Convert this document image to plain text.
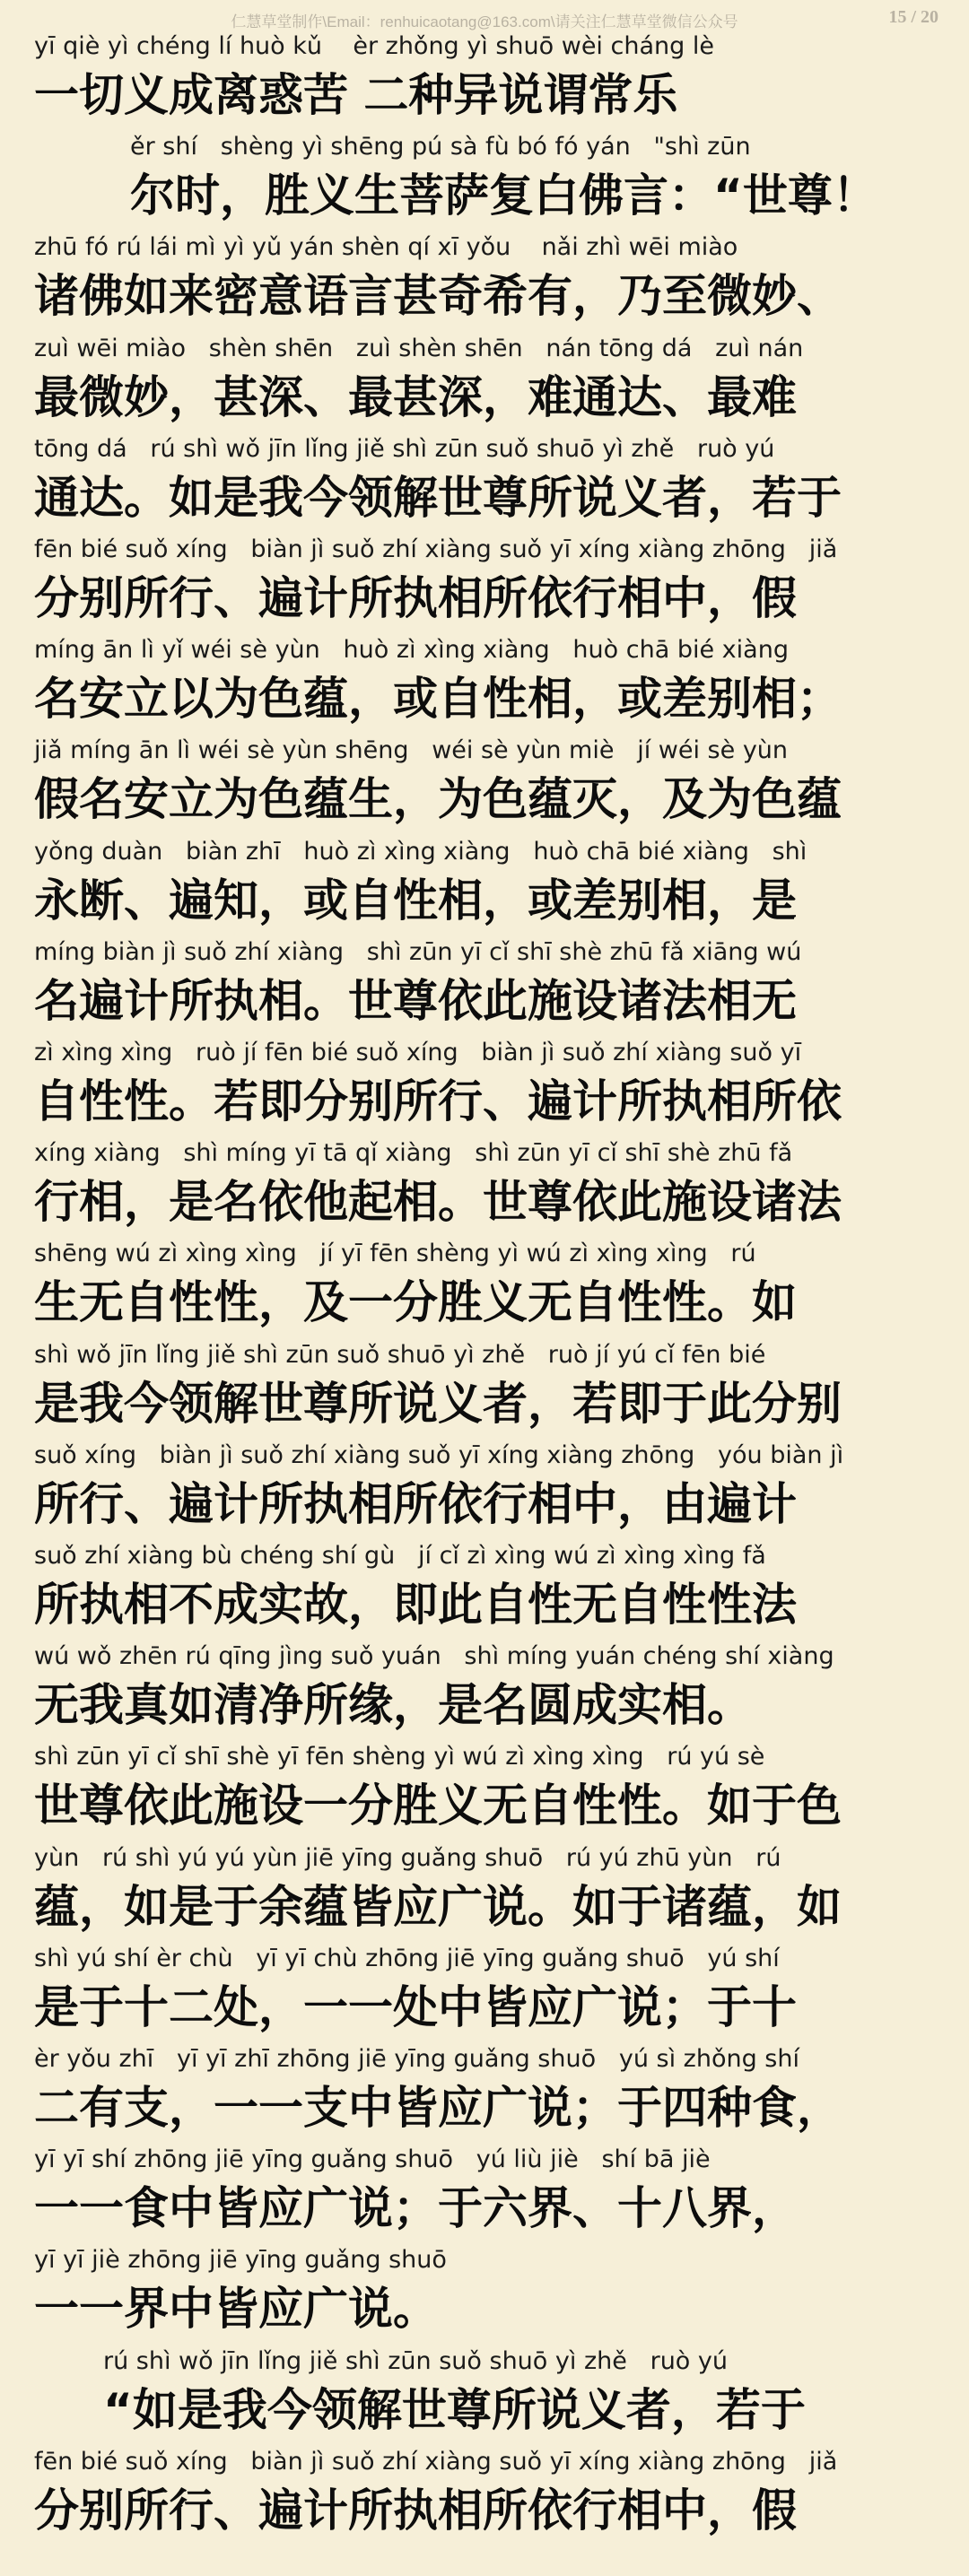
仁慧草堂制作\Email：renhuicaotang@163.com\请关注仁慧草堂微信公众号	15 / 20
yī qiè yì chéng lí huò kǔ    èr zhǒng yì shuō wèi cháng lè
一切义成离惑苦 二种异说谓常乐
ěr shí   shèng yì shēng pú sà fù bó fó yán   "shì zūn
尔时，胜义生菩萨复白佛言：“世尊！
zhū fó rú lái mì yì yǔ yán shèn qí xī yǒu    nǎi zhì wēi miào
诸佛如来密意语言甚奇希有，乃至微妙、
zuì wēi miào   shèn shēn   zuì shèn shēn   nán tōng dá   zuì nán
最微妙，甚深、最甚深，难通达、最难
tōng dá   rú shì wǒ jīn lǐng jiě shì zūn suǒ shuō yì zhě   ruò yú
通达。如是我今领解世尊所说义者，若于
fēn bié suǒ xíng   biàn jì suǒ zhí xiàng suǒ yī xíng xiàng zhōng   jiǎ
分别所行、遍计所执相所依行相中，假
míng ān lì yǐ wéi sè yùn   huò zì xìng xiàng   huò chā bié xiàng
名安立以为色蕴，或自性相，或差别相；
jiǎ míng ān lì wéi sè yùn shēng   wéi sè yùn miè   jí wéi sè yùn
假名安立为色蕴生，为色蕴灭，及为色蕴
yǒng duàn   biàn zhī   huò zì xìng xiàng   huò chā bié xiàng   shì
永断、遍知，或自性相，或差别相，是
míng biàn jì suǒ zhí xiàng   shì zūn yī cǐ shī shè zhū fǎ xiāng wú
名遍计所执相。世尊依此施设诸法相无
zì xìng xìng   ruò jí fēn bié suǒ xíng   biàn jì suǒ zhí xiàng suǒ yī
自性性。若即分别所行、遍计所执相所依
xíng xiàng   shì míng yī tā qǐ xiàng   shì zūn yī cǐ shī shè zhū fǎ
行相，是名依他起相。世尊依此施设诸法
shēng wú zì xìng xìng   jí yī fēn shèng yì wú zì xìng xìng   rú
生无自性性，及一分胜义无自性性。如
shì wǒ jīn lǐng jiě shì zūn suǒ shuō yì zhě   ruò jí yú cǐ fēn bié
是我今领解世尊所说义者，若即于此分别
suǒ xíng   biàn jì suǒ zhí xiàng suǒ yī xíng xiàng zhōng   yóu biàn jì
所行、遍计所执相所依行相中，由遍计
suǒ zhí xiàng bù chéng shí gù   jí cǐ zì xìng wú zì xìng xìng fǎ
所执相不成实故，即此自性无自性性法
wú wǒ zhēn rú qīng jìng suǒ yuán   shì míng yuán chéng shí xiàng
无我真如清净所缘，是名圆成实相。
shì zūn yī cǐ shī shè yī fēn shèng yì wú zì xìng xìng   rú yú sè
世尊依此施设一分胜义无自性性。如于色
yùn   rú shì yú yú yùn jiē yīng guǎng shuō   rú yú zhū yùn   rú
蕴，如是于余蕴皆应广说。如于诸蕴，如
shì yú shí èr chù   yī yī chù zhōng jiē yīng guǎng shuō   yú shí
是于十二处，一一处中皆应广说；于十
èr yǒu zhī   yī yī zhī zhōng jiē yīng guǎng shuō   yú sì zhǒng shí
二有支，一一支中皆应广说；于四种食，
yī yī shí zhōng jiē yīng guǎng shuō   yú liù jiè   shí bā jiè
一一食中皆应广说；于六界、十八界，
yī yī jiè zhōng jiē yīng guǎng shuō
一一界中皆应广说。
rú shì wǒ jīn lǐng jiě shì zūn suǒ shuō yì zhě   ruò yú
“如是我今领解世尊所说义者，若于
fēn bié suǒ xíng   biàn jì suǒ zhí xiàng suǒ yī xíng xiàng zhōng   jiǎ
分别所行、遍计所执相所依行相中，假
